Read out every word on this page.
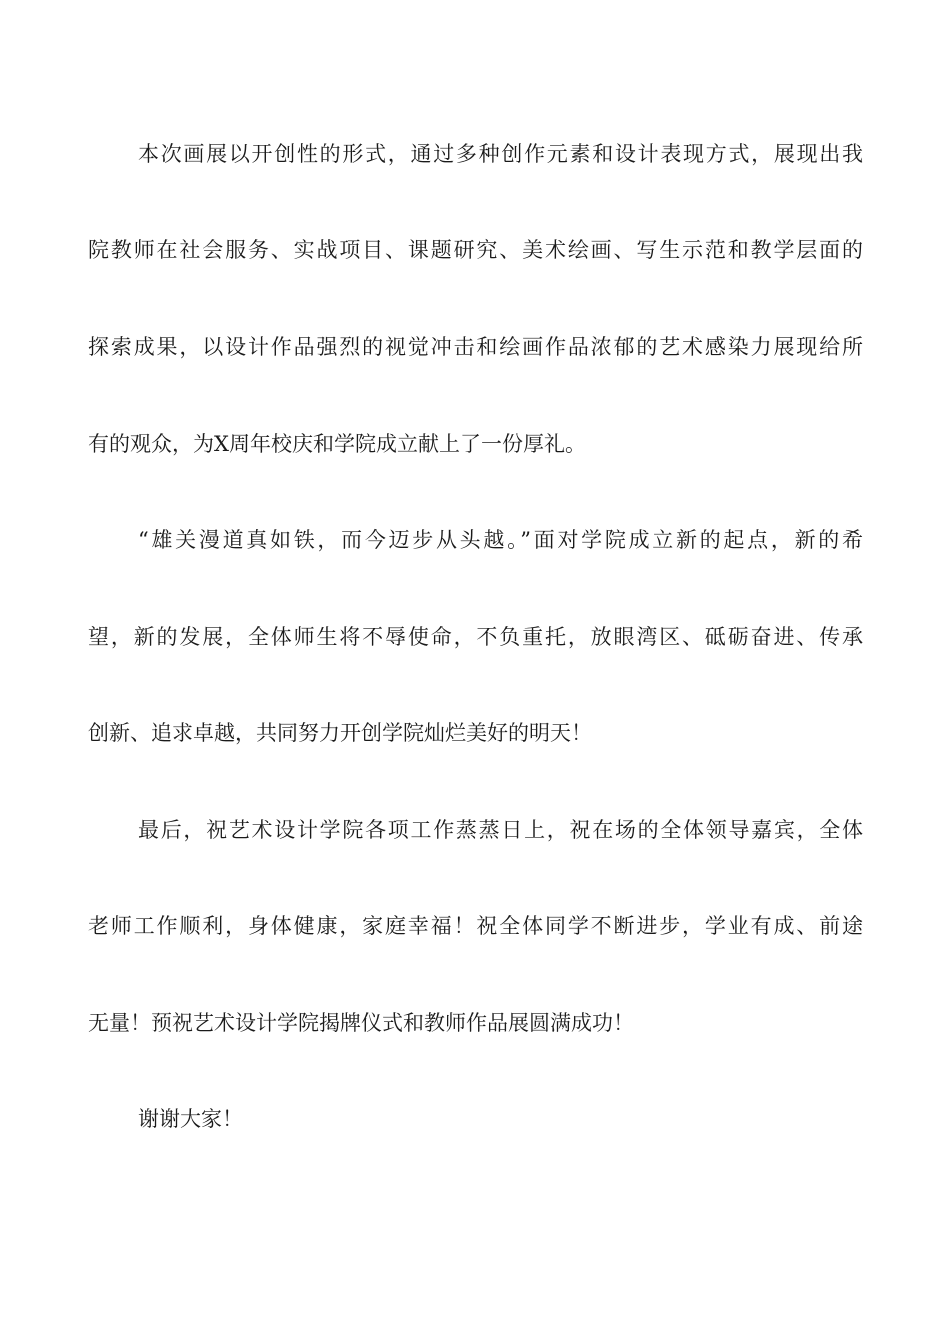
本次画展以开创性的形式，通过多种创作元素和设计表现方式，展现出我
院教师在社会服务、实战项目、课题研究、美术绘画、写生示范和教学层面的
探索成果，以设计作品强烈的视觉冲击和绘画作品浓郁的艺术感染力展现给所
有的观众，为X周年校庆和学院成立献上了一份厚礼。
“雄关漫道真如铁，而今迈步从头越。”面对学院成立新的起点，新的希
望，新的发展，全体师生将不辱使命，不负重托，放眼湾区、砥砺奋进、传承
创新、追求卓越，共同努力开创学院灿烂美好的明天！
最后，祝艺术设计学院各项工作蒸蒸日上，祝在场的全体领导嘉宾，全体
老师工作顺利，身体健康，家庭幸福！祝全体同学不断进步，学业有成、前途
无量！预祝艺术设计学院揭牌仪式和教师作品展圆满成功！
谢谢大家！
